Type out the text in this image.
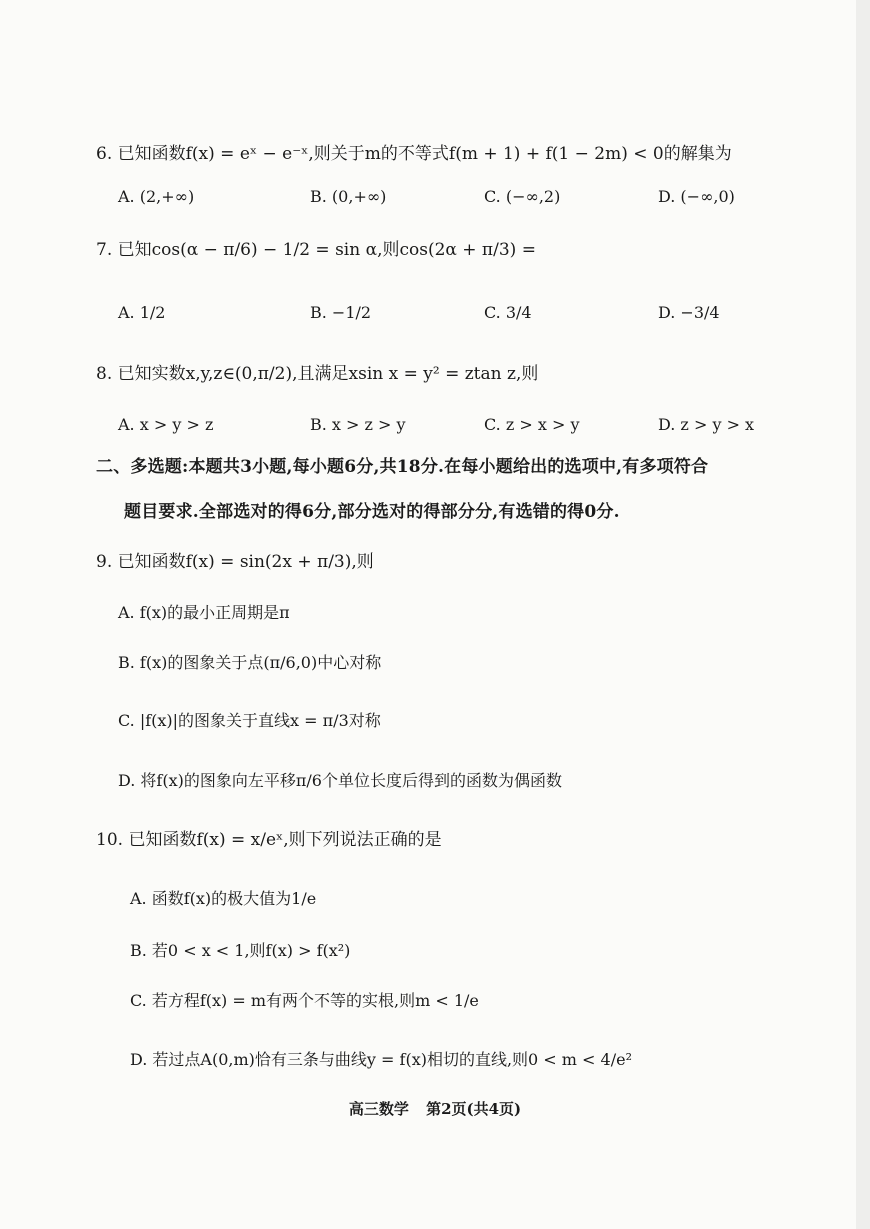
6. 已知函数f(x) = eˣ − e⁻ˣ,则关于m的不等式f(m + 1) + f(1 − 2m) < 0的解集为
A. (2,+∞)	B. (0,+∞)	C. (−∞,2)	D. (−∞,0)
7. 已知cos(α − π/6) − 1/2 = sin α,则cos(2α + π/3) =
A. 1/2	B. −1/2	C. 3/4	D. −3/4
8. 已知实数x,y,z∈(0,π/2),且满足xsin x = y² = ztan z,则
A. x > y > z	B. x > z > y	C. z > x > y	D. z > y > x
二、多选题:本题共3小题,每小题6分,共18分.在每小题给出的选项中,有多项符合
题目要求.全部选对的得6分,部分选对的得部分分,有选错的得0分.
9. 已知函数f(x) = sin(2x + π/3),则
A. f(x)的最小正周期是π
B. f(x)的图象关于点(π/6,0)中心对称
C. |f(x)|的图象关于直线x = π/3对称
D. 将f(x)的图象向左平移π/6个单位长度后得到的函数为偶函数
10. 已知函数f(x) = x/eˣ,则下列说法正确的是
A. 函数f(x)的极大值为1/e
B. 若0 < x < 1,则f(x) > f(x²)
C. 若方程f(x) = m有两个不等的实根,则m < 1/e
D. 若过点A(0,m)恰有三条与曲线y = f(x)相切的直线,则0 < m < 4/e²
高三数学 第2页(共4页)
